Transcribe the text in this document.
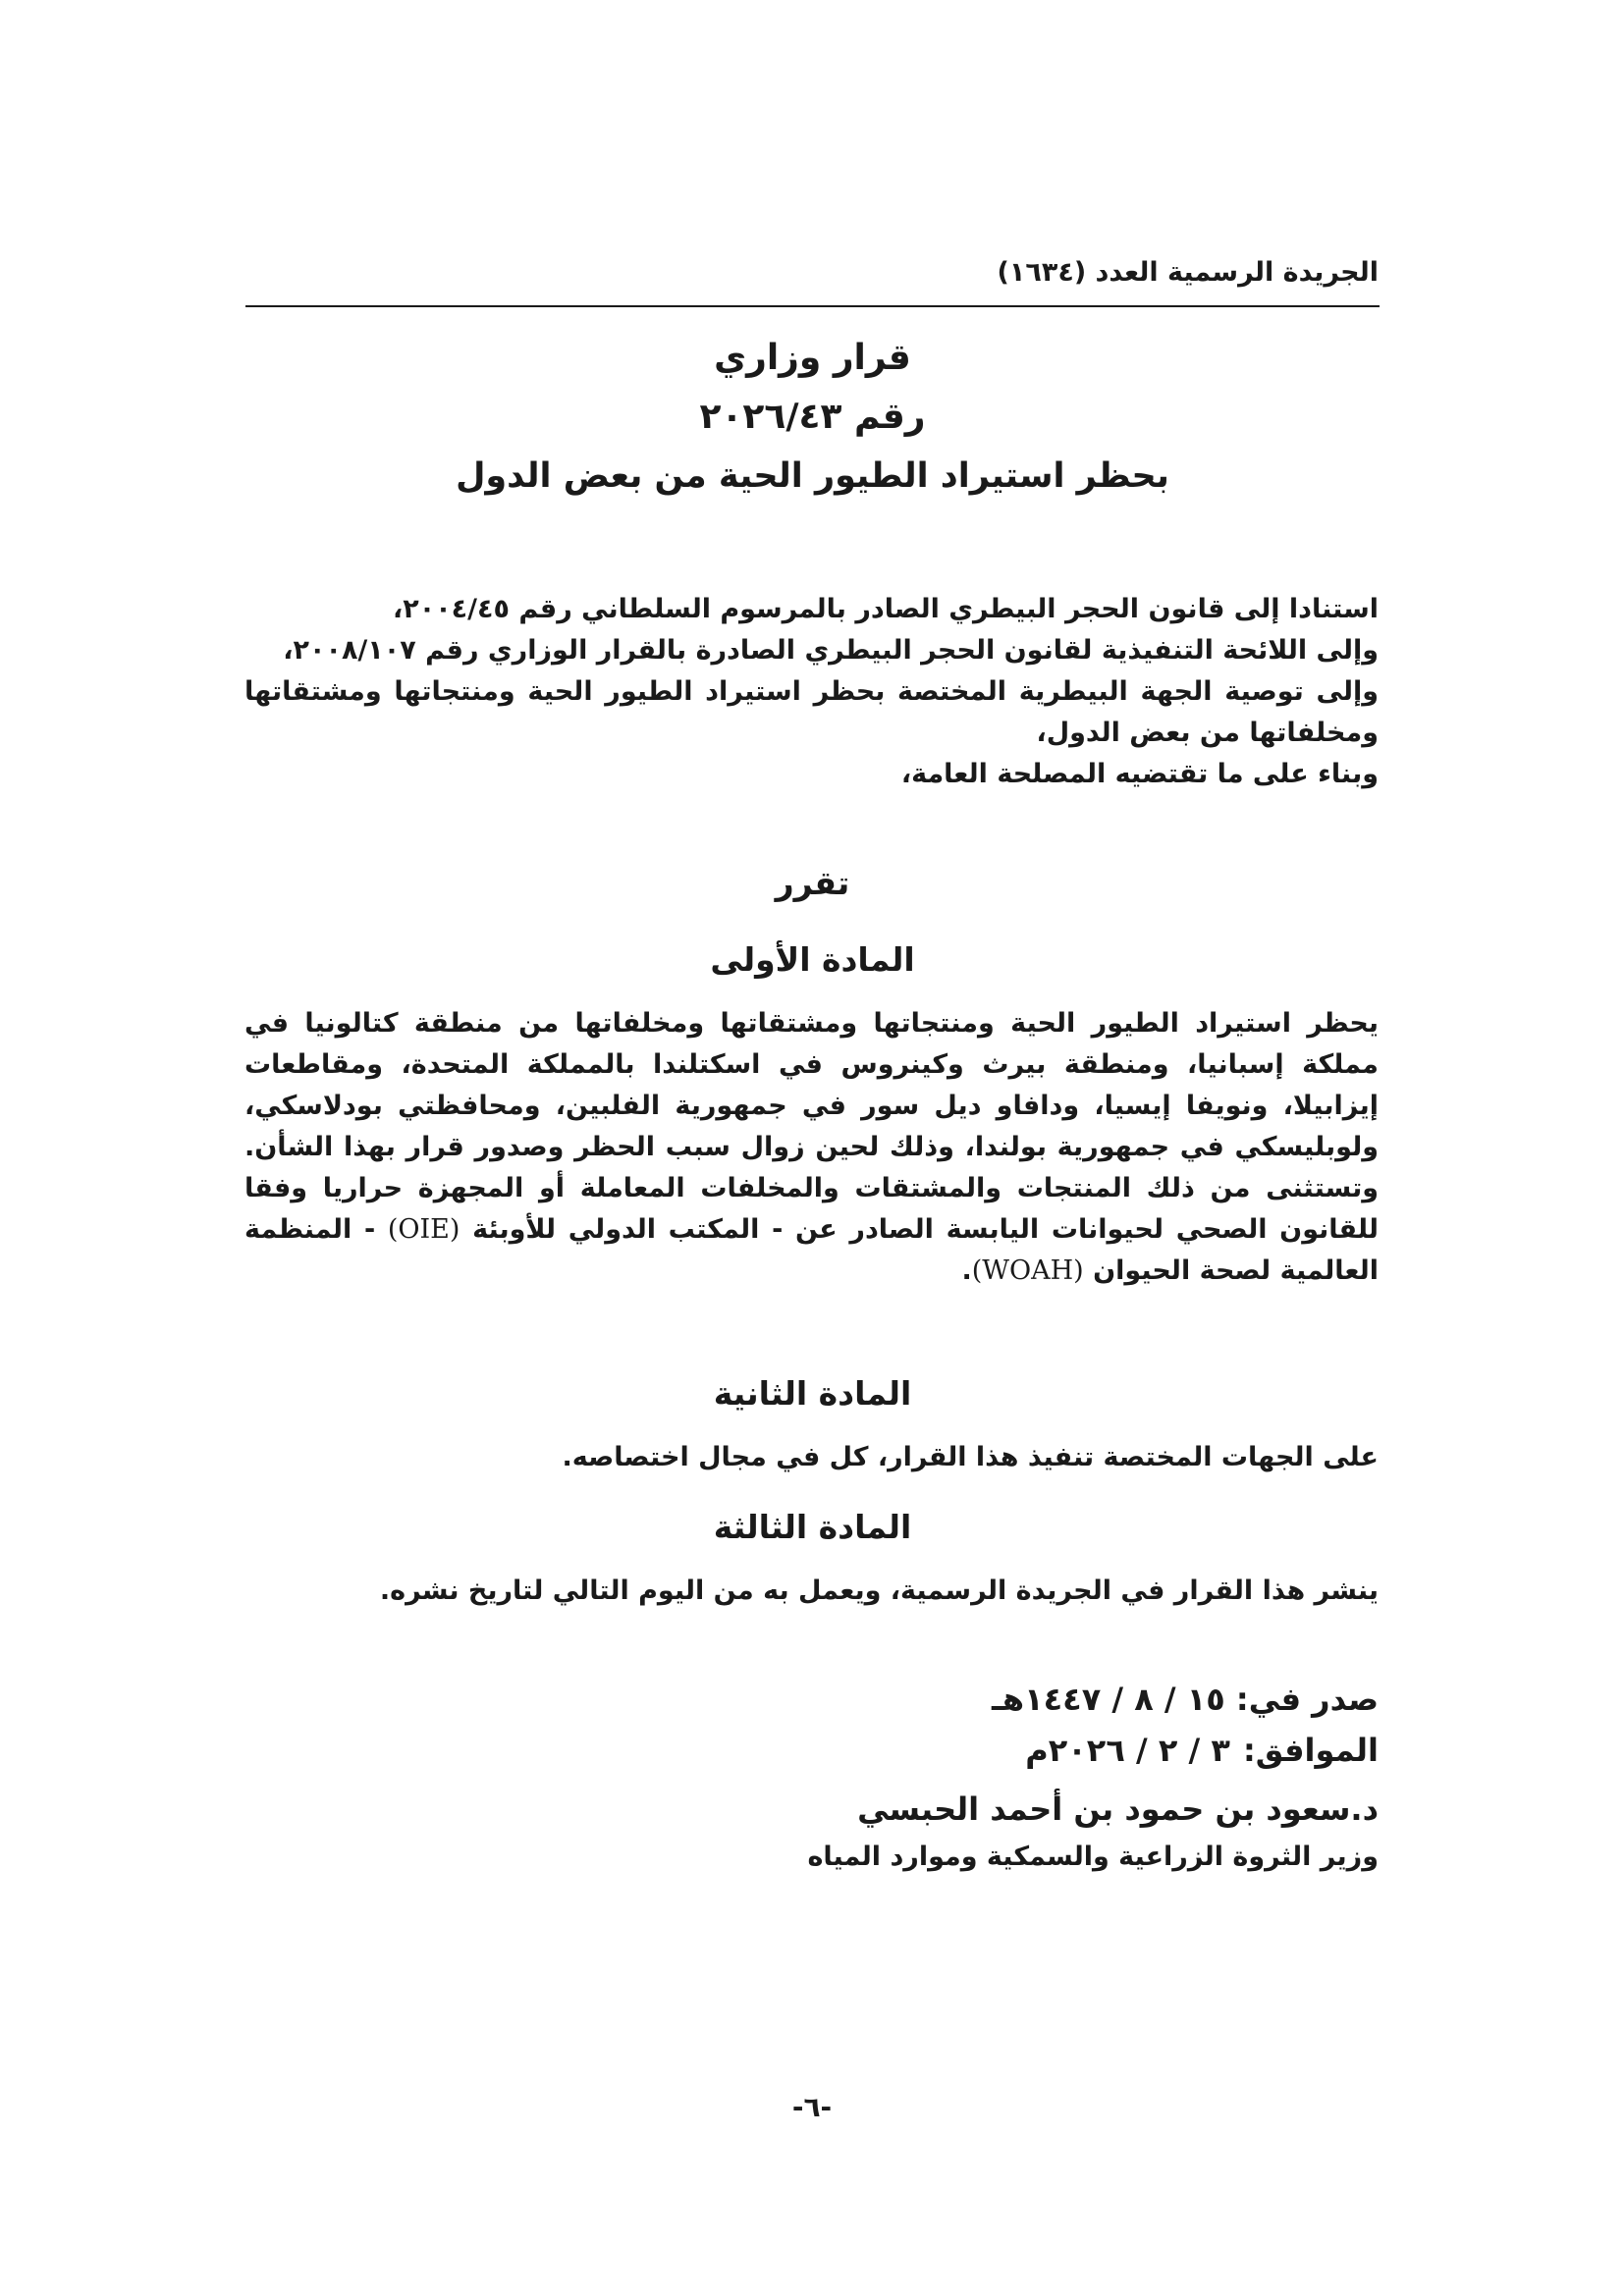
الجريدة الرسمية العدد (١٦٣٤)

قرار وزاري

رقم ٢٠٢٦/٤٣

بحظر استيراد الطيور الحية من بعض الدول

استنادا إلى قانون الحجر البيطري الصادر بالمرسوم السلطاني رقم ٢٠٠٤/٤٥،

وإلى اللائحة التنفيذية لقانون الحجر البيطري الصادرة بالقرار الوزاري رقم ٢٠٠٨/١٠٧،

وإلى توصية الجهة البيطرية المختصة بحظر استيراد الطيور الحية ومنتجاتها ومشتقاتها ومخلفاتها من بعض الدول،

وبناء على ما تقتضيه المصلحة العامة،

تقرر
المادة الأولى

يحظر استيراد الطيور الحية ومنتجاتها ومشتقاتها ومخلفاتها من منطقة كتالونيا في مملكة إسبانيا، ومنطقة بيرث وكينروس في اسكتلندا بالمملكة المتحدة، ومقاطعات إيزابيلا، ونويفا إيسيا، ودافاو ديل سور في جمهورية الفلبين، ومحافظتي بودلاسكي، ولوبليسكي في جمهورية بولندا، وذلك لحين زوال سبب الحظر وصدور قرار بهذا الشأن. وتستثنى من ذلك المنتجات والمشتقات والمخلفات المعاملة أو المجهزة حراريا وفقا للقانون الصحي لحيوانات اليابسة الصادر عن - المكتب الدولي للأوبئة (OIE) - المنظمة العالمية لصحة الحيوان (WOAH).

المادة الثانية

على الجهات المختصة تنفيذ هذا القرار، كل في مجال اختصاصه.

المادة الثالثة

ينشر هذا القرار في الجريدة الرسمية، ويعمل به من اليوم التالي لتاريخ نشره.

صدر في: ١٥ / ٨ / ١٤٤٧هـ
الموافق: ٣ / ٢ / ٢٠٢٦م
د.سعود بن حمود بن أحمد الحبسي
وزير الثروة الزراعية والسمكية وموارد المياه
-٦-
